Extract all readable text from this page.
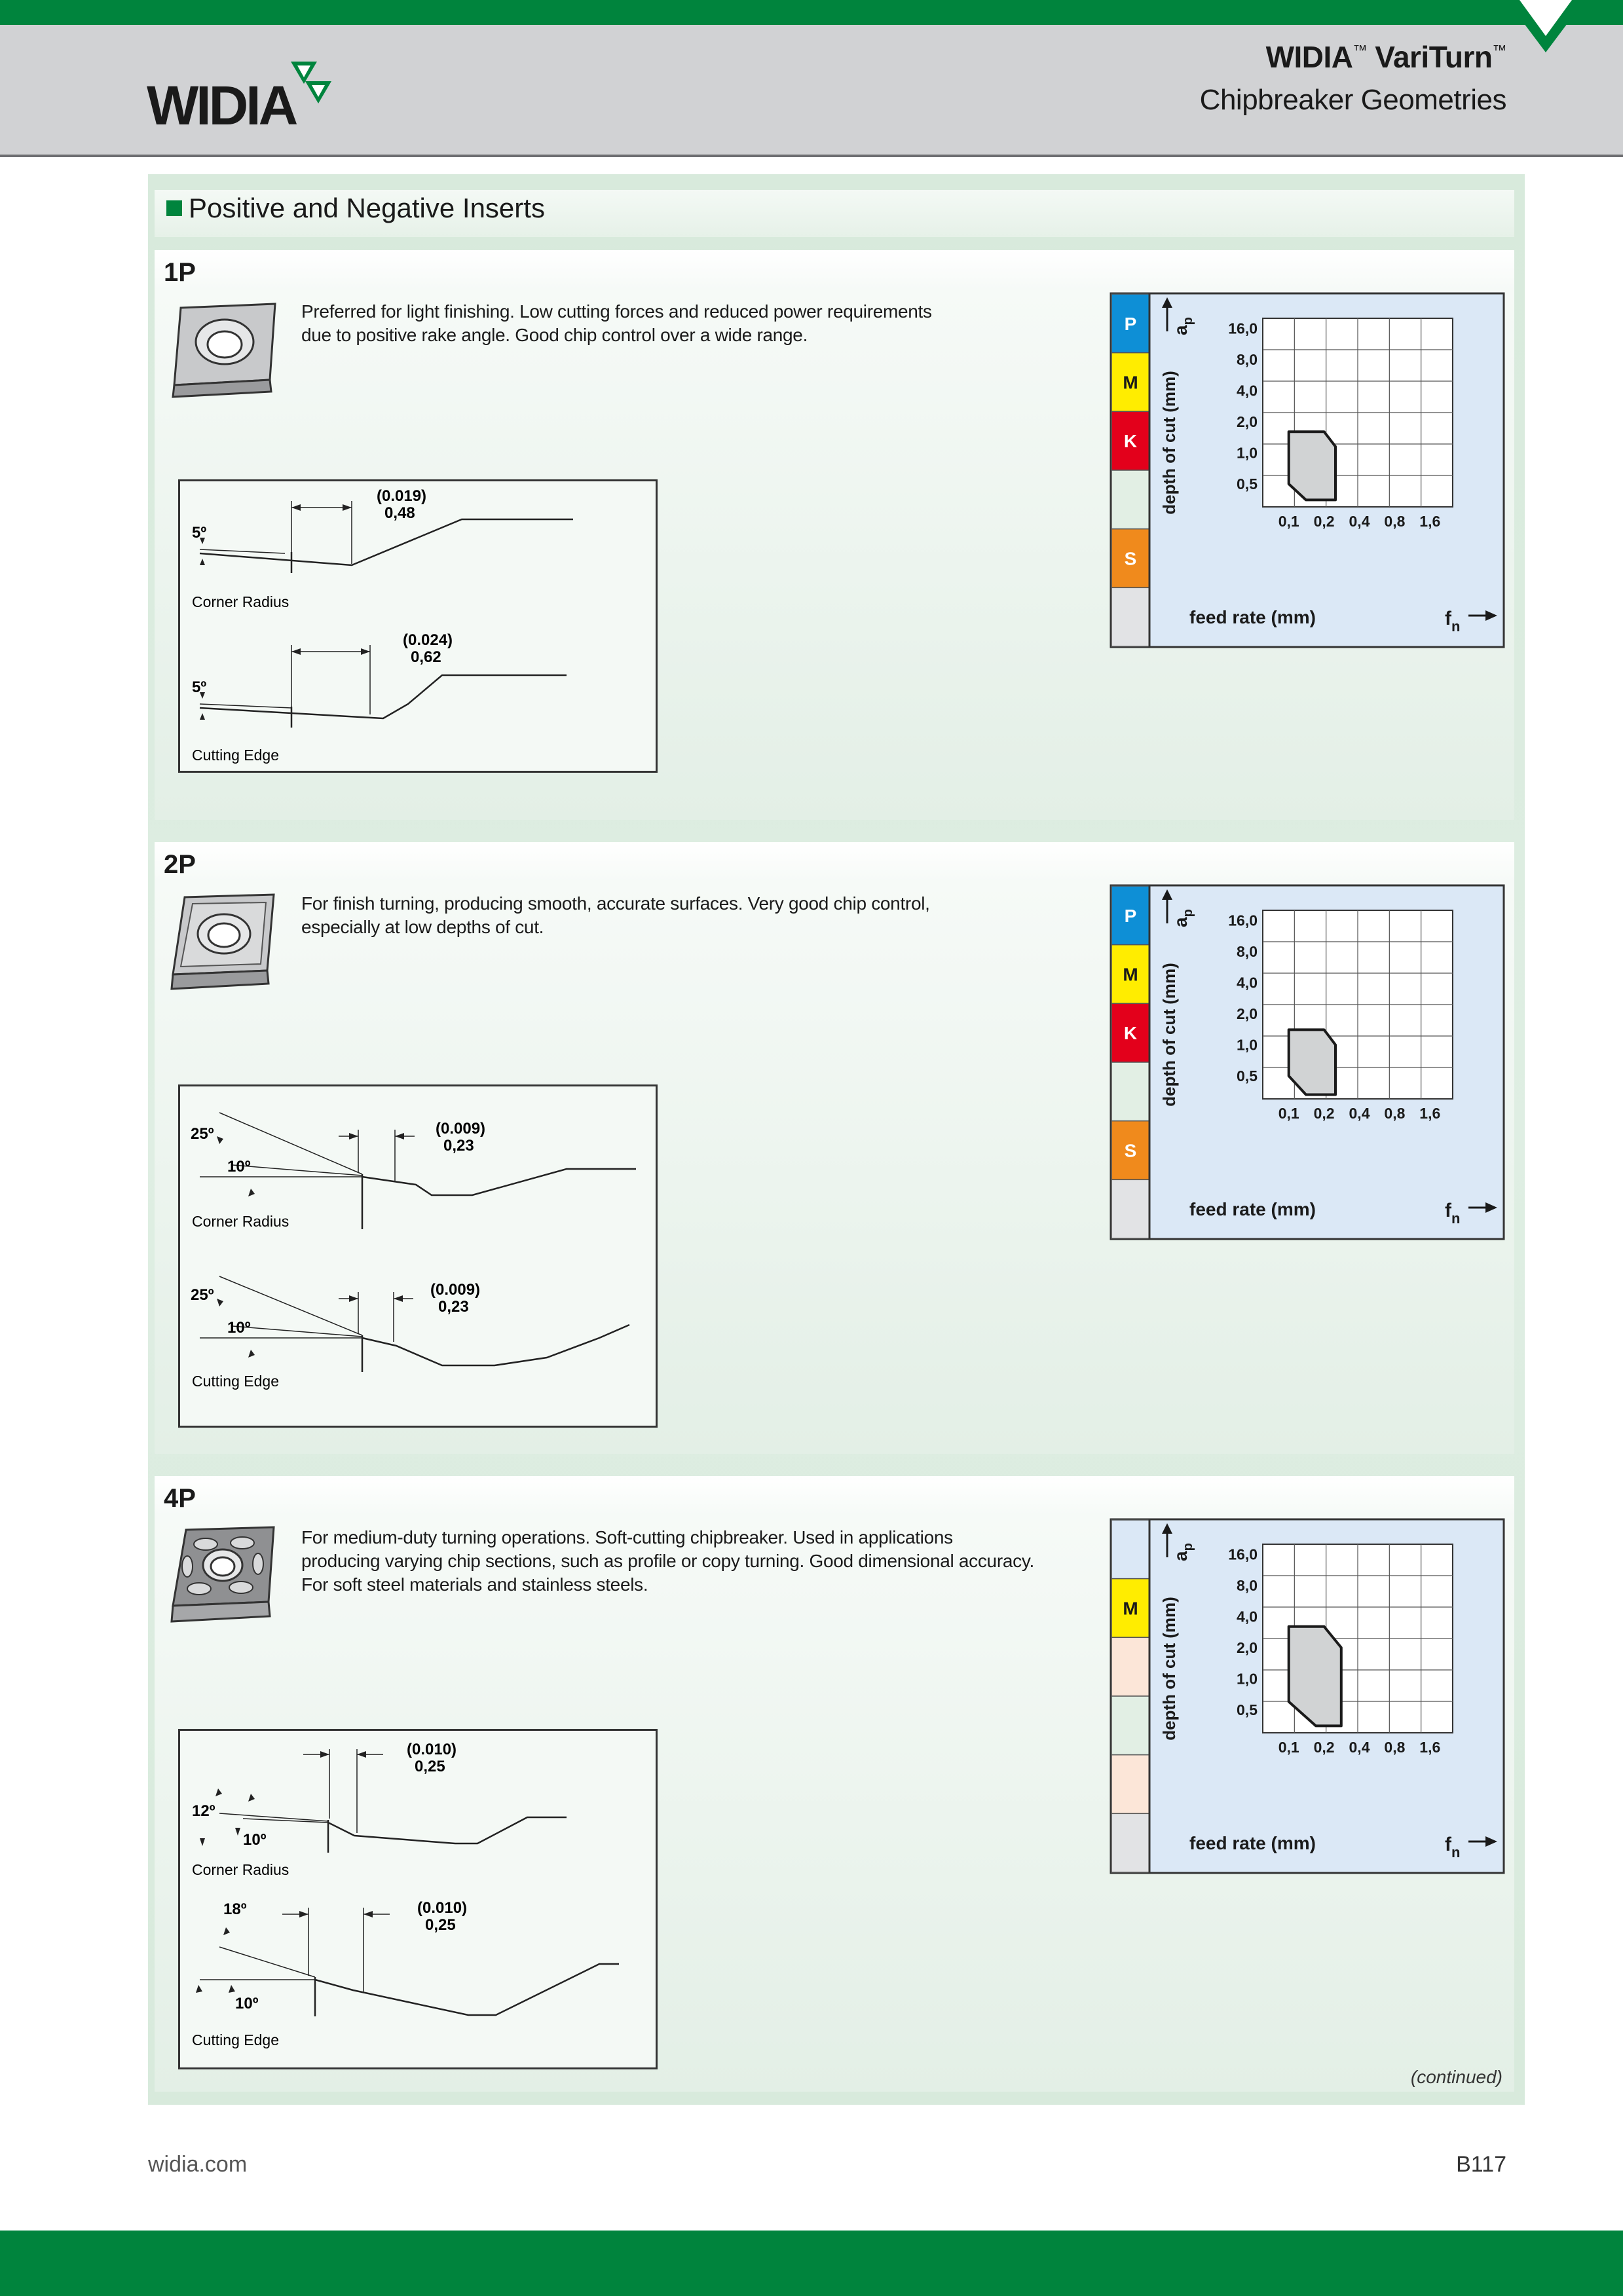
WIDIA
WIDIA™ VariTurn™
Chipbreaker Geometries
Positive and Negative Inserts
1P
Preferred for light finishing. Low cutting forces and reduced power requirements
due to positive rake angle. Good chip control over a wide range.
5º
(0.019)
0,48
Corner Radius
5º
(0.024)
0,62
Cutting Edge
P
M
K
S
16,0
8,0
4,0
2,0
1,0
0,5
0,1 0,2 0,4 0,8 1,6
depth of cut (mm)
$a_p$
feed rate (mm)	$f_n$
2P
For finish turning, producing smooth, accurate surfaces. Very good chip control,
especially at low depths of cut.
25º
10º
(0.009)
0,23
Corner Radius
25º
10º
(0.009)
0,23
Cutting Edge
P
M
K
S
16,0
8,0
4,0
2,0
1,0
0,5
0,1 0,2 0,4 0,8 1,6
depth of cut (mm)
$a_p$
feed rate (mm)	$f_n$
4P
For medium-duty turning operations. Soft-cutting chipbreaker. Used in applications
producing varying chip sections, such as profile or copy turning. Good dimensional accuracy.
For soft steel materials and stainless steels.
12º
10º
(0.010)
0,25
Corner Radius
18º
10º
(0.010)
0,25
Cutting Edge
M
16,0
8,0
4,0
2,0
1,0
0,5
0,1 0,2 0,4 0,8 1,6
depth of cut (mm)
$a_p$
feed rate (mm)	$f_n$
(continued)
widia.com	B117
